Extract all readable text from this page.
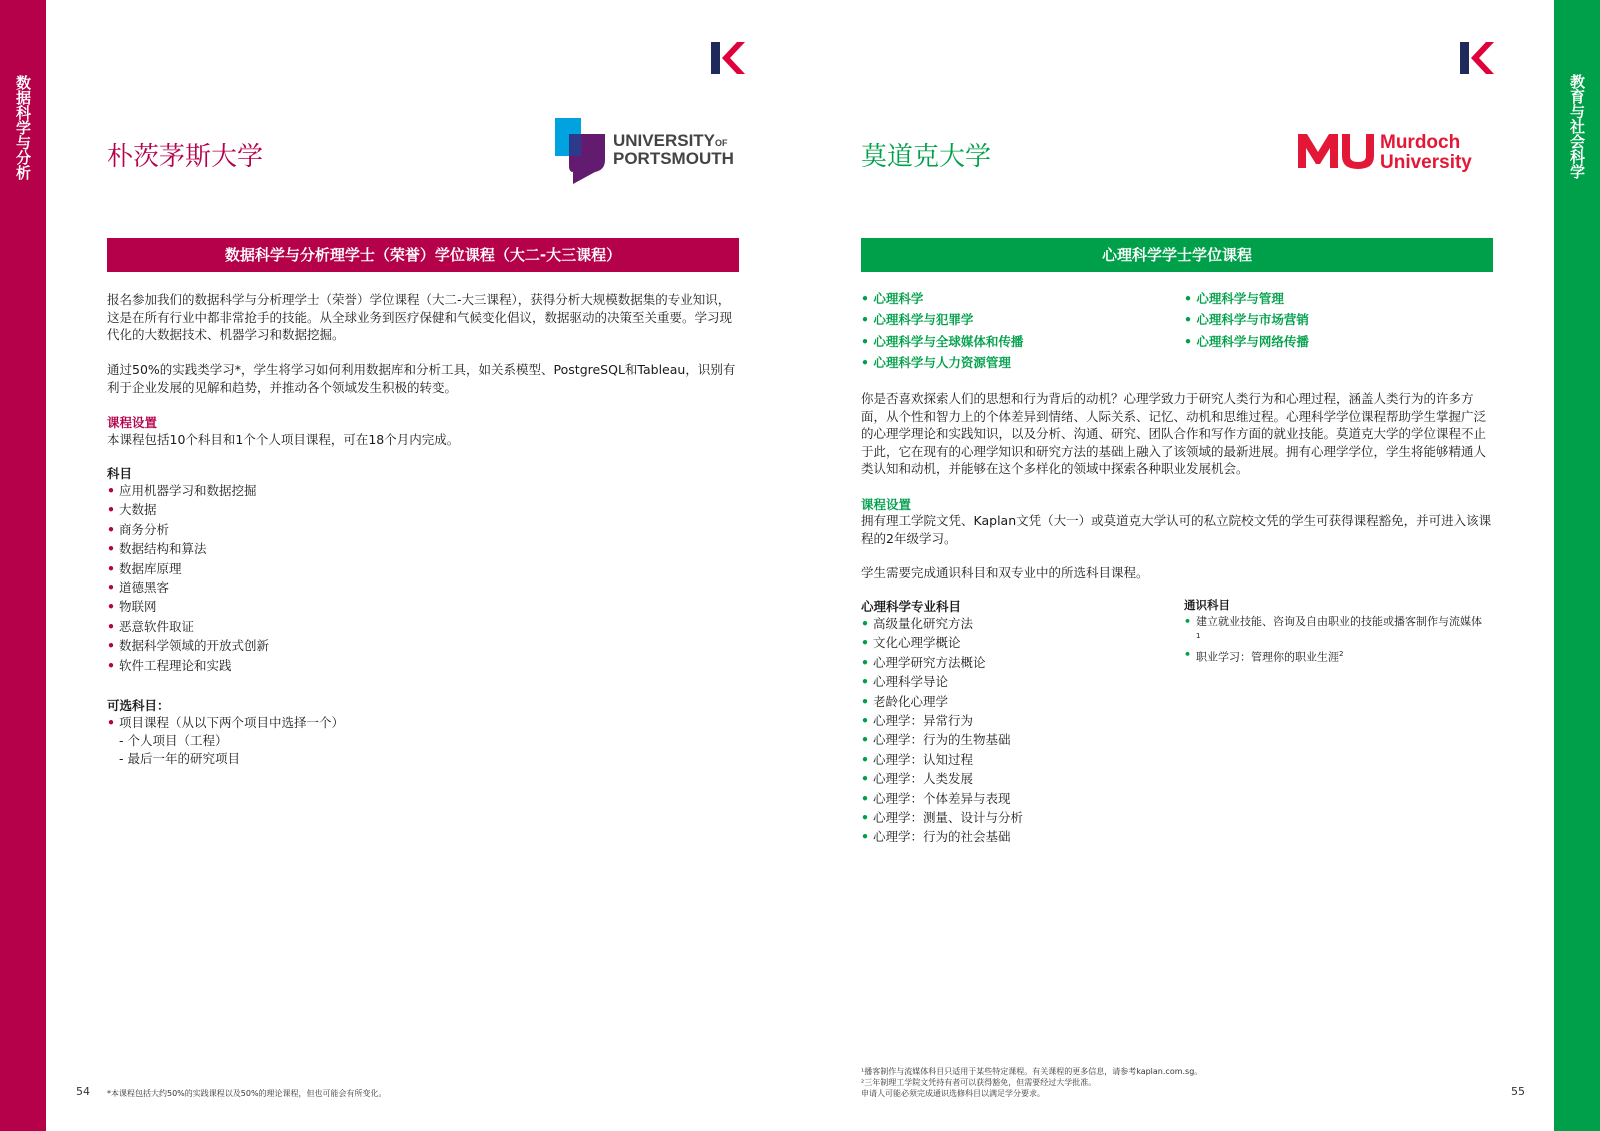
数据科学与分析	教育与社会科学
朴茨茅斯大学
UNIVERSITY OF
PORTSMOUTH
数据科学与分析理学士（荣誉）学位课程（大二-大三课程）

报名参加我们的数据科学与分析理学士（荣誉）学位课程（大二-大三课程），获得分析大规模数据集的专业知识，这是在所有行业中都非常抢手的技能。从全球业务到医疗保健和气候变化倡议，数据驱动的决策至关重要。学习现代化的大数据技术、机器学习和数据挖掘。

通过50%的实践类学习*，学生将学习如何利用数据库和分析工具，如关系模型、PostgreSQL和Tableau，识别有利于企业发展的见解和趋势，并推动各个领域发生积极的转变。

课程设置
本课程包括10个科目和1个个人项目课程，可在18个月内完成。
科目
• 应用机器学习和数据挖掘
• 大数据
• 商务分析
• 数据结构和算法
• 数据库原理
• 道德黑客
• 物联网
• 恶意软件取证
• 数据科学领域的开放式创新
• 软件工程理论和实践
可选科目：
• 项目课程（从以下两个项目中选择一个）
- 个人项目（工程）
- 最后一年的研究项目
54 *本课程包括大约50%的实践课程以及50%的理论课程，但也可能会有所变化。
莫道克大学	Murdoch
University
心理科学学士学位课程
• 心理科学
• 心理科学与犯罪学
• 心理科学与全球媒体和传播
• 心理科学与人力资源管理
• 心理科学与管理
• 心理科学与市场营销
• 心理科学与网络传播

你是否喜欢探索人们的思想和行为背后的动机？心理学致力于研究人类行为和心理过程，涵盖人类行为的许多方面，从个性和智力上的个体差异到情绪、人际关系、记忆、动机和思维过程。心理科学学位课程帮助学生掌握广泛的心理学理论和实践知识，以及分析、沟通、研究、团队合作和写作方面的就业技能。莫道克大学的学位课程不止于此，它在现有的心理学知识和研究方法的基础上融入了该领域的最新进展。拥有心理学学位，学生将能够精通人类认知和动机，并能够在这个多样化的领域中探索各种职业发展机会。

课程设置

拥有理工学院文凭、Kaplan文凭（大一）或莫道克大学认可的私立院校文凭的学生可获得课程豁免，并可进入该课程的2年级学习。

学生需要完成通识科目和双专业中的所选科目课程。

心理科学专业科目
• 高级量化研究方法
• 文化心理学概论
• 心理学研究方法概论
• 心理科学导论
• 老龄化心理学
• 心理学：异常行为
• 心理学：行为的生物基础
• 心理学：认知过程
• 心理学：人类发展
• 心理学：个体差异与表现
• 心理学：测量、设计与分析
• 心理学：行为的社会基础
通识科目
• 建立就业技能、咨询及自由职业的技能或播客制作与流媒体$^1$
• 职业学习：管理你的职业生涯$^2$
¹播客制作与流媒体科目只适用于某些特定课程。有关课程的更多信息，请参考kaplan.com.sg。
²三年制理工学院文凭持有者可以获得豁免，但需要经过大学批准。
申请人可能必须完成通识选修科目以满足学分要求。	55
